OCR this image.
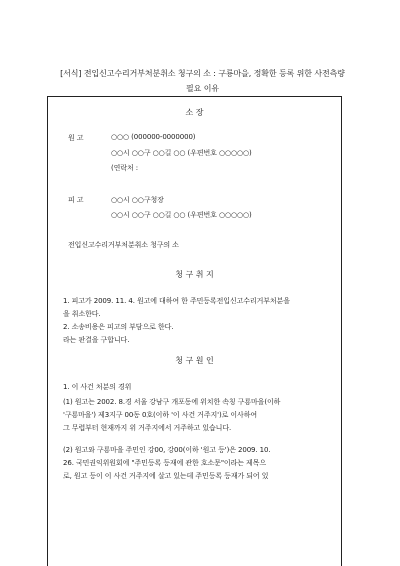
[서식] 전입신고수리거부처분취소 청구의 소 : 구룡마을, 정확한 등록 위한 사전측량
필요 이유
소 장
원 고	○○○ (000000-0000000)
○○시 ○○구 ○○길 ○○ (우편번호 ○○○○○)
(연락처 :
피 고	○○시 ○○구청장
○○시 ○○구 ○○길 ○○ (우편번호 ○○○○○)
전입신고수리거부처분취소 청구의 소
청 구 취 지
1. 피고가 2009. 11. 4. 원고에 대하여 한 주민등록전입신고수리거부처분을
을 취소한다.
2. 소송비용은 피고의 부담으로 한다.
라는 판결을 구합니다.
청 구 원 인
1. 이 사건 처분의 경위
(1) 원고는 2002. 8.경 서울 강남구 개포동에 위치한 속칭 구룡마을(이하
'구룡마을') 제3지구 00동 0호(이하 '이 사건 거주지')로 이사하여
그 무렵부터 현재까지 위 거주지에서 거주하고 있습니다.
(2) 원고와 구룡마을 주민인 강00, 강00(이하 '원고 등')은 2009. 10.
26. 국민권익위원회에 "주민등록 등재에 관한 호소문"이라는 제목으
로, 원고 등이 이 사건 거주지에 살고 있는데 주민등록 등재가 되어 있
